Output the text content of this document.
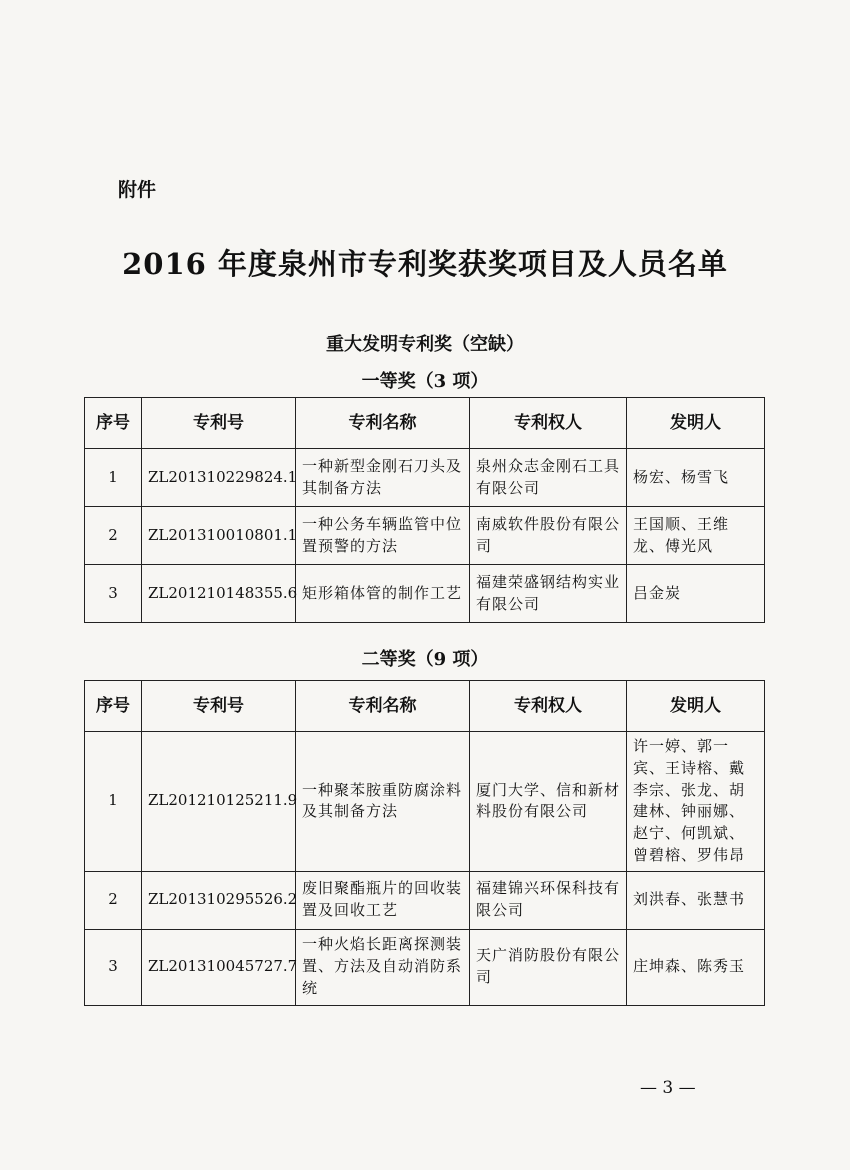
附件
2016 年度泉州市专利奖获奖项目及人员名单
重大发明专利奖（空缺）
一等奖（3 项）
序号	专利号	专利名称	专利权人	发明人
1	ZL201310229824.1	一种新型金刚石刀头及其制备方法	泉州众志金刚石工具有限公司	杨宏、杨雪飞
2	ZL201310010801.1	一种公务车辆监管中位置预警的方法	南威软件股份有限公司	王国顺、王维龙、傅光风
3	ZL201210148355.6	矩形箱体管的制作工艺	福建荣盛钢结构实业有限公司	吕金炭
二等奖（9 项）
序号	专利号	专利名称	专利权人	发明人
1	ZL201210125211.9	一种聚苯胺重防腐涂料及其制备方法	厦门大学、信和新材料股份有限公司	许一婷、郭一宾、王诗榕、戴李宗、张龙、胡建林、钟丽娜、赵宁、何凯斌、曾碧榕、罗伟昂
2	ZL201310295526.2	废旧聚酯瓶片的回收装置及回收工艺	福建锦兴环保科技有限公司	刘洪春、张慧书
3	ZL201310045727.7	一种火焰长距离探测装置、方法及自动消防系统	天广消防股份有限公司	庄坤森、陈秀玉
— 3 —
